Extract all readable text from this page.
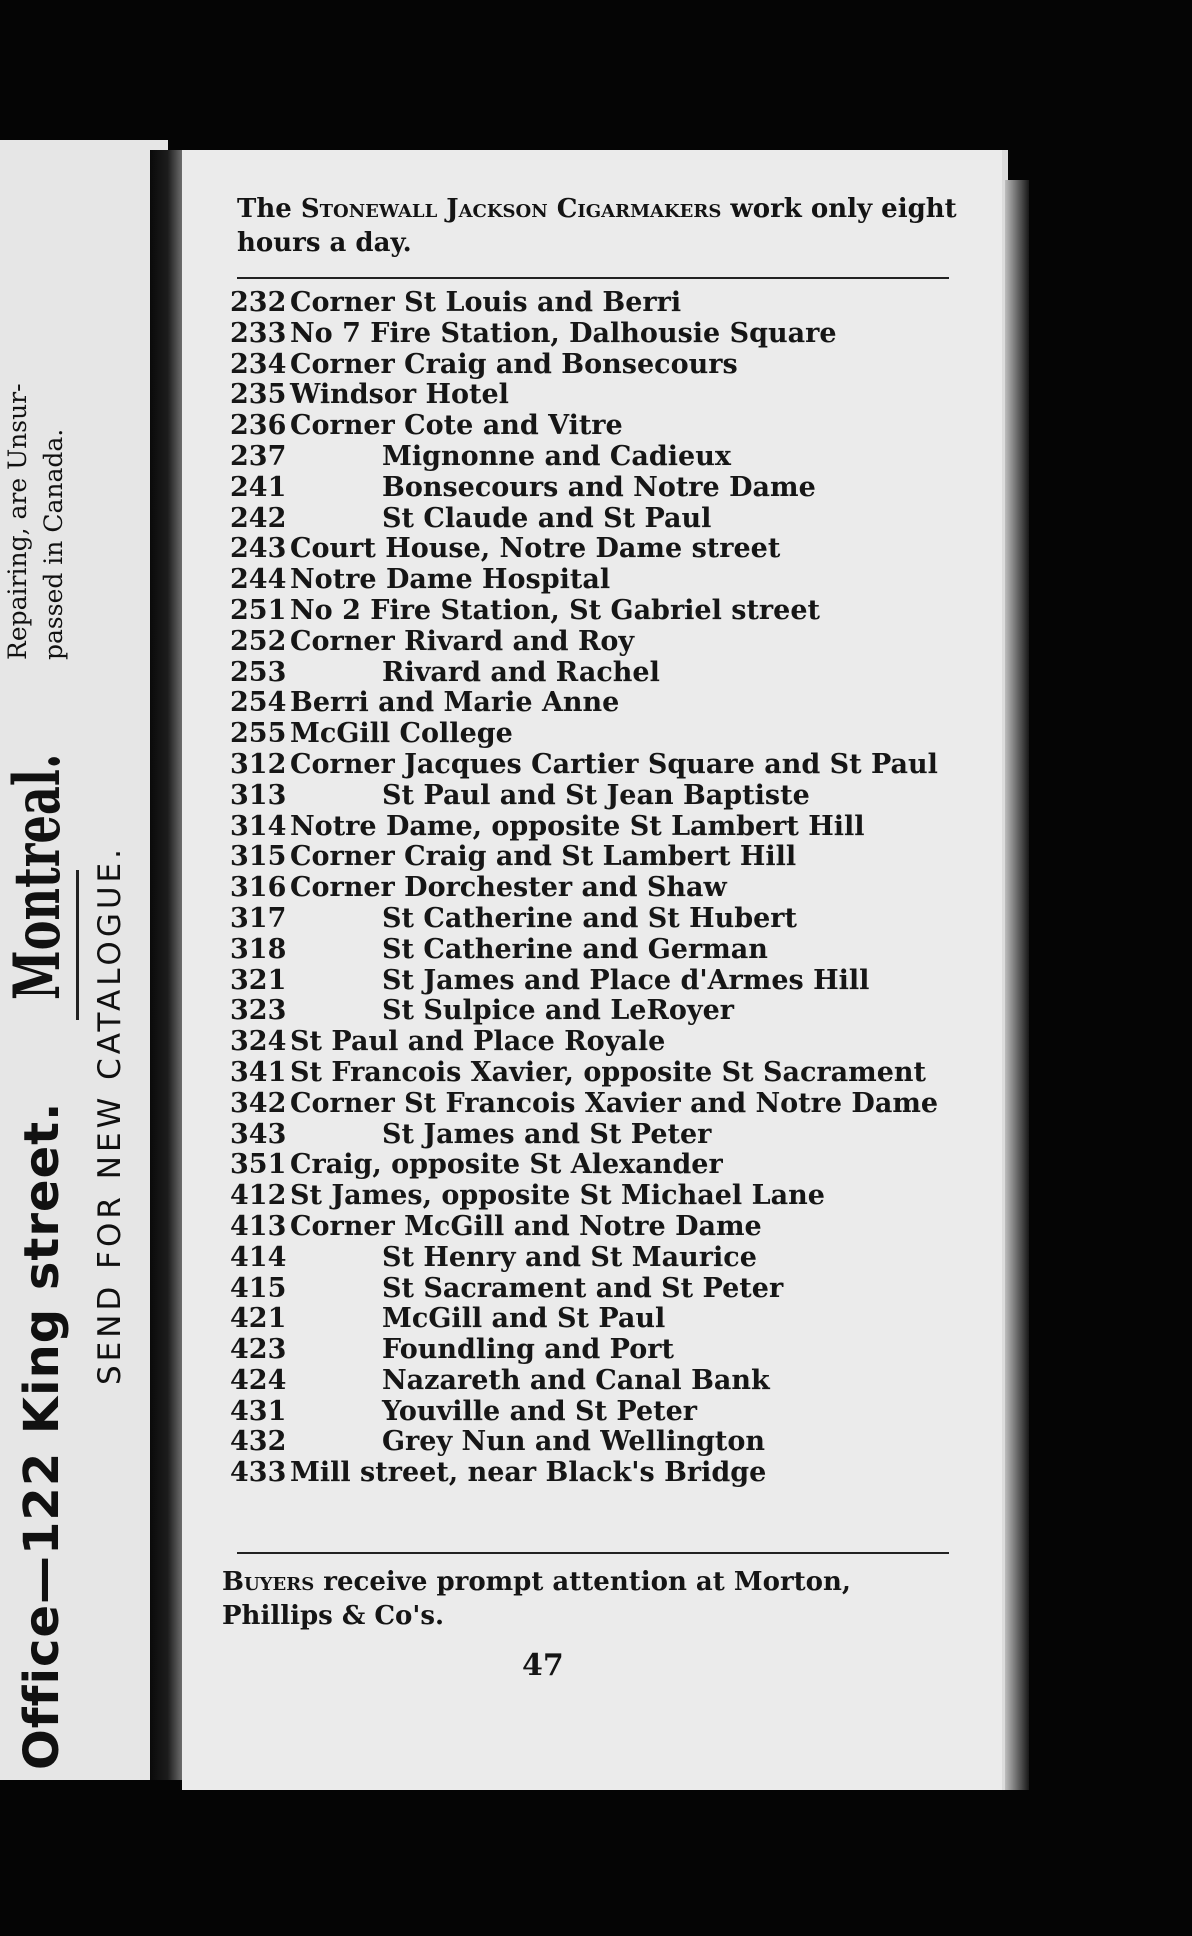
Office—122 King street. SEND FOR NEW CATALOGUE.
Montreal.
Repairing, are Unsur- passed in Canada.
The Stonewall Jackson Cigarmakers work only eight hours a day.
232 Corner St Louis and Berri
233 No 7 Fire Station, Dalhousie Square
234 Corner Craig and Bonsecours
235 Windsor Hotel
236 Corner Cote and Vitre
237	Mignonne and Cadieux
241	Bonsecours and Notre Dame
242	St Claude and St Paul
243 Court House, Notre Dame street
244 Notre Dame Hospital
251 No 2 Fire Station, St Gabriel street
252 Corner Rivard and Roy
253	Rivard and Rachel
254 Berri and Marie Anne
255 McGill College
312 Corner Jacques Cartier Square and St Paul
313	St Paul and St Jean Baptiste
314 Notre Dame, opposite St Lambert Hill
315 Corner Craig and St Lambert Hill
316 Corner Dorchester and Shaw
317	St Catherine and St Hubert
318	St Catherine and German
321	St James and Place d'Armes Hill
323	St Sulpice and LeRoyer
324 St Paul and Place Royale
341 St Francois Xavier, opposite St Sacrament
342 Corner St Francois Xavier and Notre Dame
343	St James and St Peter
351 Craig, opposite St Alexander
412 St James, opposite St Michael Lane
413 Corner McGill and Notre Dame
414	St Henry and St Maurice
415	St Sacrament and St Peter
421	McGill and St Paul
423	Foundling and Port
424	Nazareth and Canal Bank
431	Youville and St Peter
432	Grey Nun and Wellington
433 Mill street, near Black's Bridge
Buyers receive prompt attention at Morton, Phillips & Co's.
47
